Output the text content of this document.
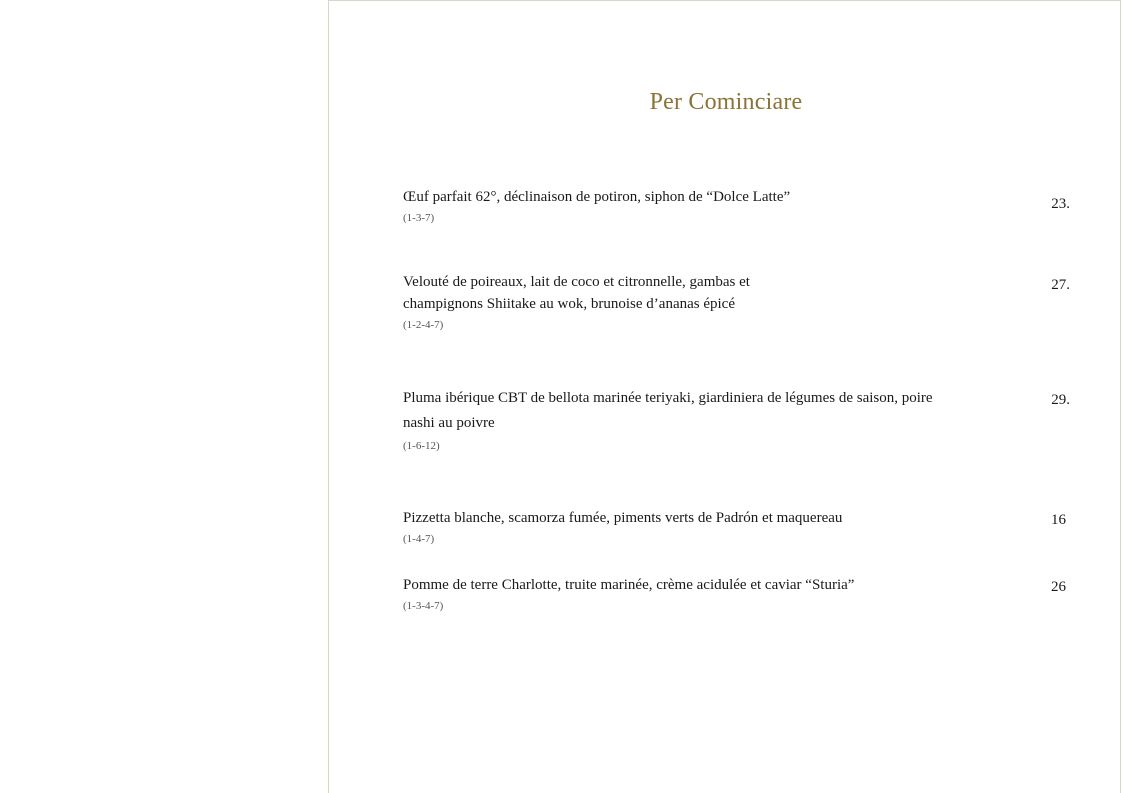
Per Cominciare
Œuf parfait 62°, déclinaison de potiron, siphon de “Dolce Latte”
(1-3-7)
23.
Velouté de poireaux, lait de coco et citronnelle, gambas et champignons Shiitake au wok, brunoise d’ananas épicé
(1-2-4-7)
27.
Pluma ibérique CBT de bellota marinée teriyaki, giardiniera de légumes de saison, poire nashi au poivre
(1-6-12)
29.
Pizzetta blanche, scamorza fumée, piments verts de Padrón et maquereau
(1-4-7)
16
Pomme de terre Charlotte, truite marinée, crème acidulée et caviar “Sturia”
(1-3-4-7)
26
